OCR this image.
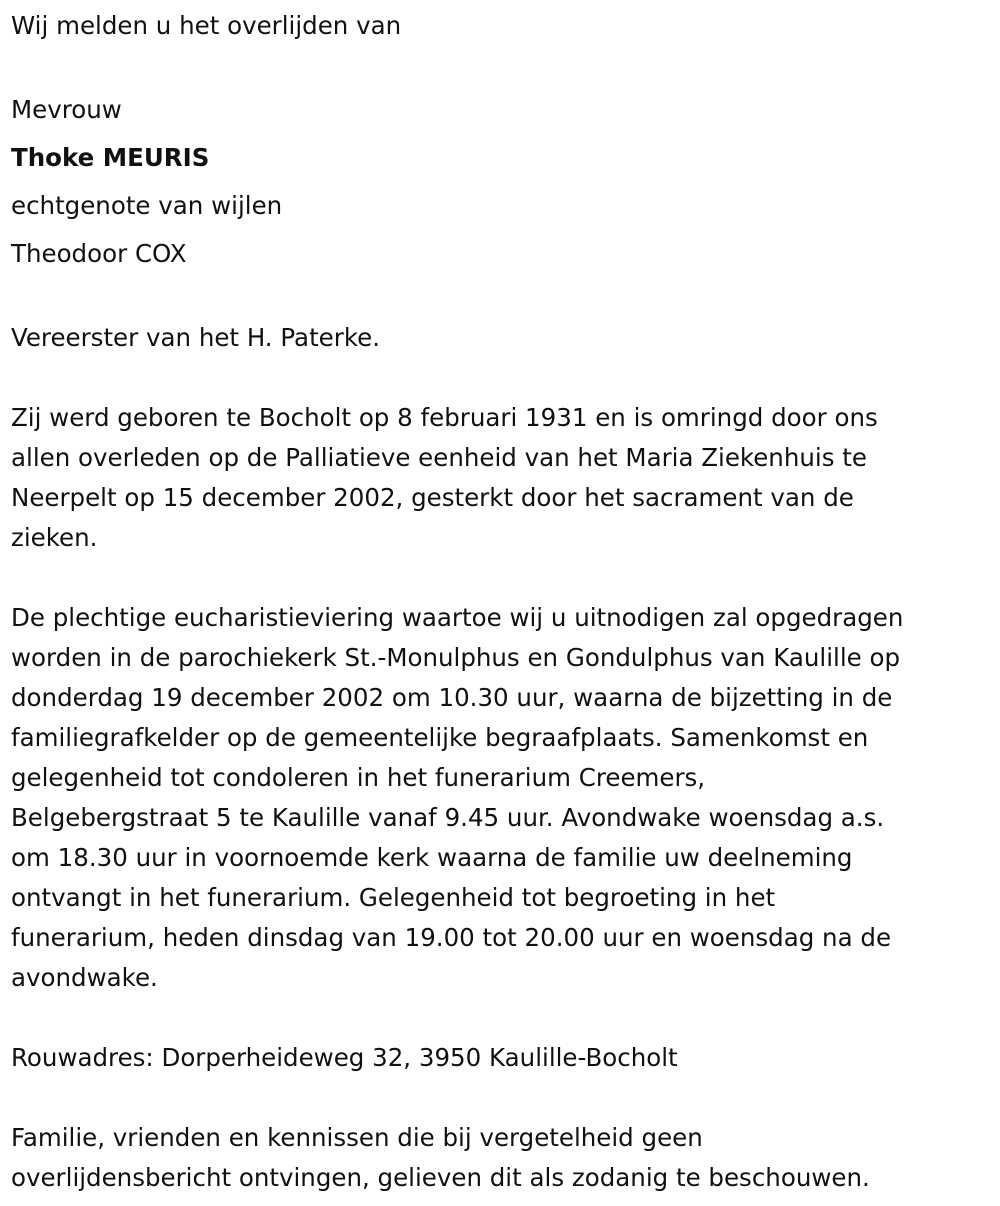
Wij melden u het overlijden van

Mevrouw

Thoke MEURIS

echtgenote van wijlen

Theodoor COX

Vereerster van het H. Paterke.

Zij werd geboren te Bocholt op 8 februari 1931 en is omringd door ons
allen overleden op de Palliatieve eenheid van het Maria Ziekenhuis te
Neerpelt op 15 december 2002, gesterkt door het sacrament van de
zieken.
De plechtige eucharistieviering waartoe wij u uitnodigen zal opgedragen
worden in de parochiekerk St.-Monulphus en Gondulphus van Kaulille op
donderdag 19 december 2002 om 10.30 uur, waarna de bijzetting in de
familiegrafkelder op de gemeentelijke begraafplaats. Samenkomst en
gelegenheid tot condoleren in het funerarium Creemers,
Belgebergstraat 5 te Kaulille vanaf 9.45 uur. Avondwake woensdag a.s.
om 18.30 uur in voornoemde kerk waarna de familie uw deelneming
ontvangt in het funerarium. Gelegenheid tot begroeting in het
funerarium, heden dinsdag van 19.00 tot 20.00 uur en woensdag na de
avondwake.

Rouwadres: Dorperheideweg 32, 3950 Kaulille-Bocholt

Familie, vrienden en kennissen die bij vergetelheid geen
overlijdensbericht ontvingen, gelieven dit als zodanig te beschouwen.
